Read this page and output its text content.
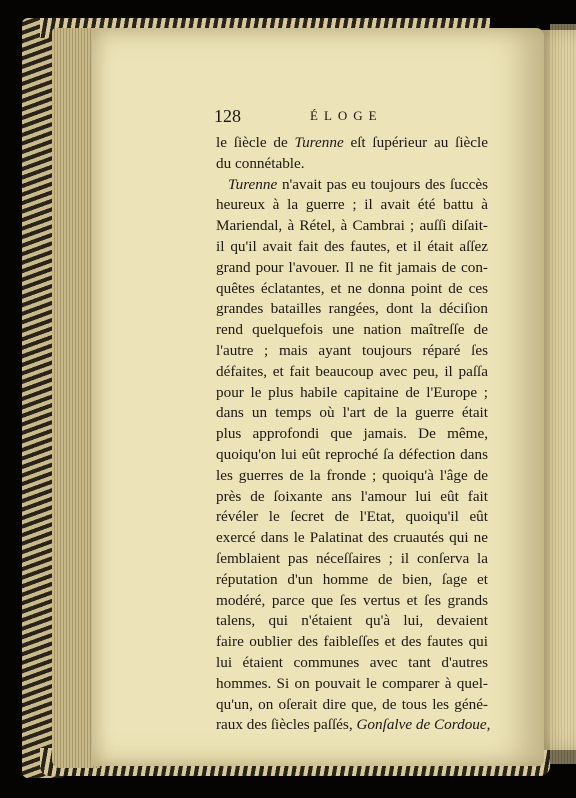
128	ÉLOGE
le ſiècle de Turenne eſt ſupérieur au ſiècle
du connétable.
Turenne n'avait pas eu toujours des ſuccès
heureux à la guerre ; il avait été battu à
Mariendal, à Rétel, à Cambrai ; auſſi diſait-
il qu'il avait fait des fautes, et il était aſſez
grand pour l'avouer. Il ne fit jamais de con-
quêtes éclatantes, et ne donna point de ces
grandes batailles rangées, dont la déciſion
rend quelquefois une nation maîtreſſe de
l'autre ; mais ayant toujours réparé ſes
défaites, et fait beaucoup avec peu, il paſſa
pour le plus habile capitaine de l'Europe ;
dans un temps où l'art de la guerre était
plus approfondi que jamais. De même,
quoiqu'on lui eût reproché ſa défection dans
les guerres de la fronde ; quoiqu'à l'âge de
près de ſoixante ans l'amour lui eût fait
révéler le ſecret de l'Etat, quoiqu'il eût
exercé dans le Palatinat des cruautés qui ne
ſemblaient pas néceſſaires ; il conſerva la
réputation d'un homme de bien, ſage et
modéré, parce que ſes vertus et ſes grands
talens, qui n'étaient qu'à lui, devaient
faire oublier des faibleſſes et des fautes qui
lui étaient communes avec tant d'autres
hommes. Si on pouvait le comparer à quel-
qu'un, on oſerait dire que, de tous les géné-
raux des ſiècles paſſés, Gonſalve de Cordoue,
